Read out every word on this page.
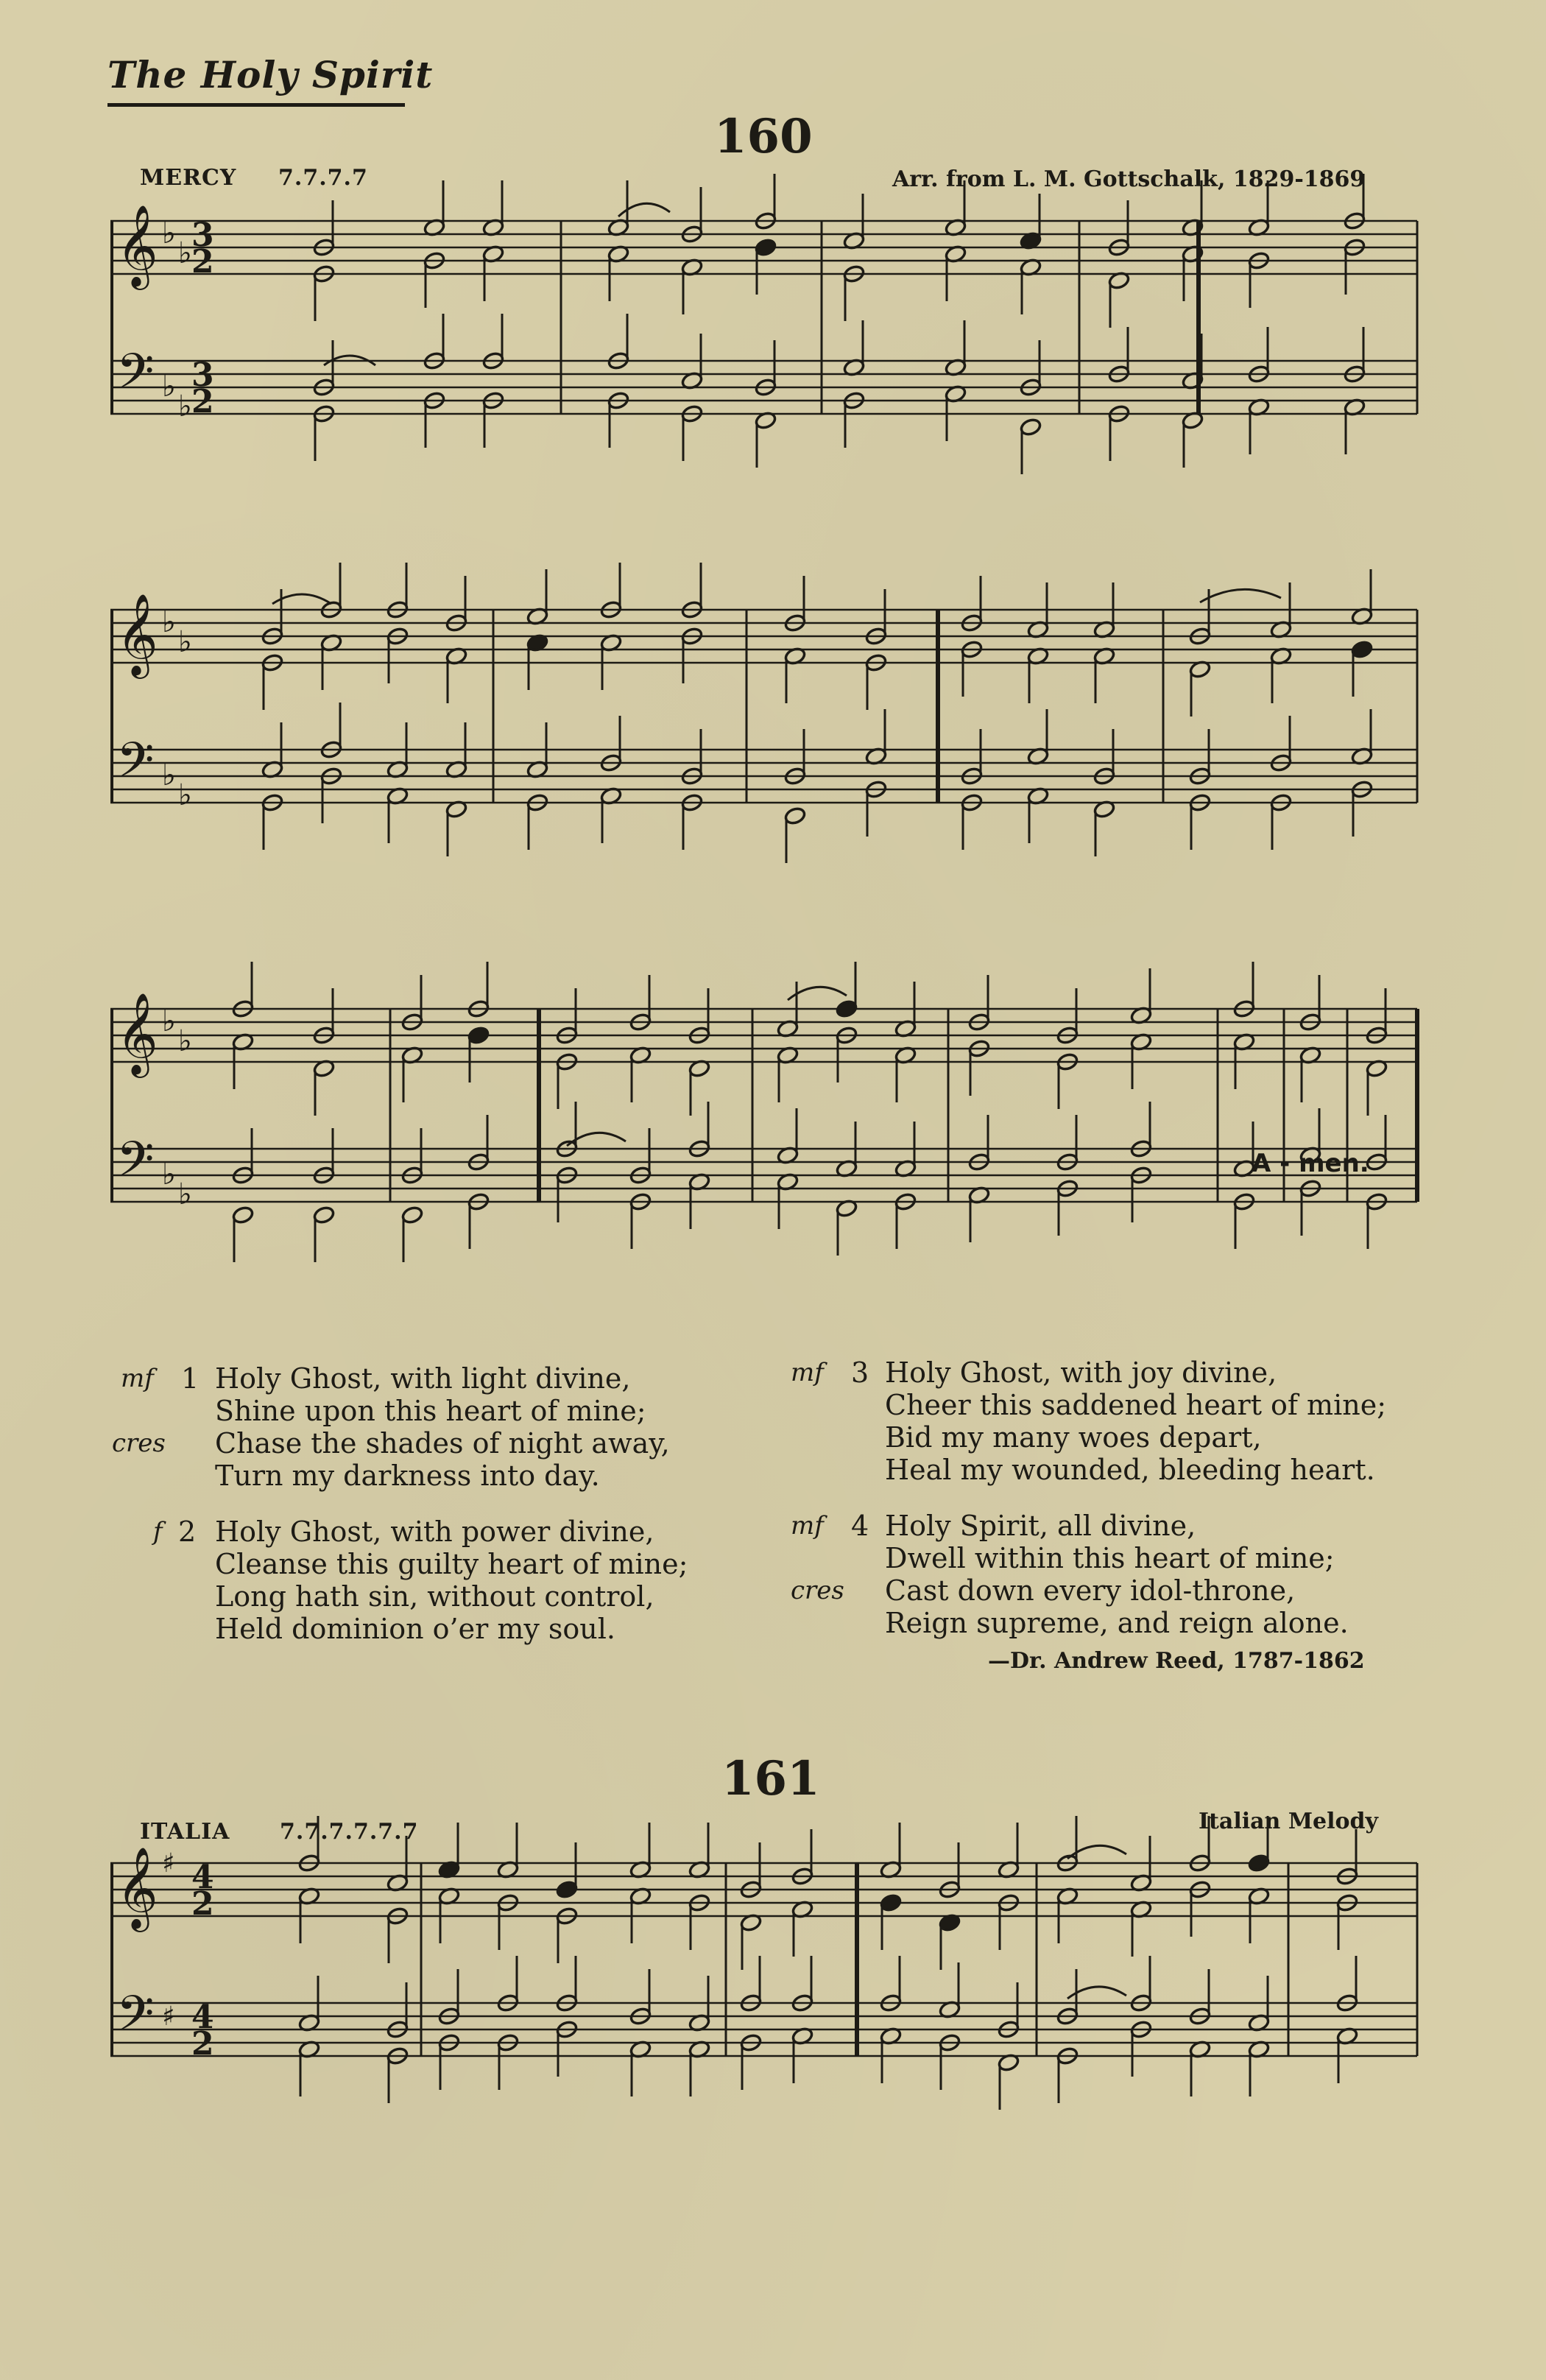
The Holy Spirit
160
MERCY 7.7.7.7	Arr. from L. M. Gottschalk, 1829-1869
𝄞
𝄢
♭
♭
♭
♭
3
2
3
2
𝄞
𝄢
♭
♭
♭
♭
𝄞
𝄢
♭
♭
♭
♭
A - men.
mf 1 Holy Ghost, with light divine,
Shine upon this heart of mine;
cres Chase the shades of night away,
Turn my darkness into day.
f 2 Holy Ghost, with power divine,
Cleanse this guilty heart of mine;
Long hath sin, without control,
Held dominion o’er my soul.
mf 3 Holy Ghost, with joy divine,
Cheer this saddened heart of mine;
Bid my many woes depart,
Heal my wounded, bleeding heart.
mf 4 Holy Spirit, all divine,
Dwell within this heart of mine;
cres Cast down every idol-throne,
Reign supreme, and reign alone.
—Dr. Andrew Reed, 1787-1862
161
ITALIA 7.7.7.7.7.7	Italian Melody
𝄞
𝄢
♯
♯
4
2
4
2
